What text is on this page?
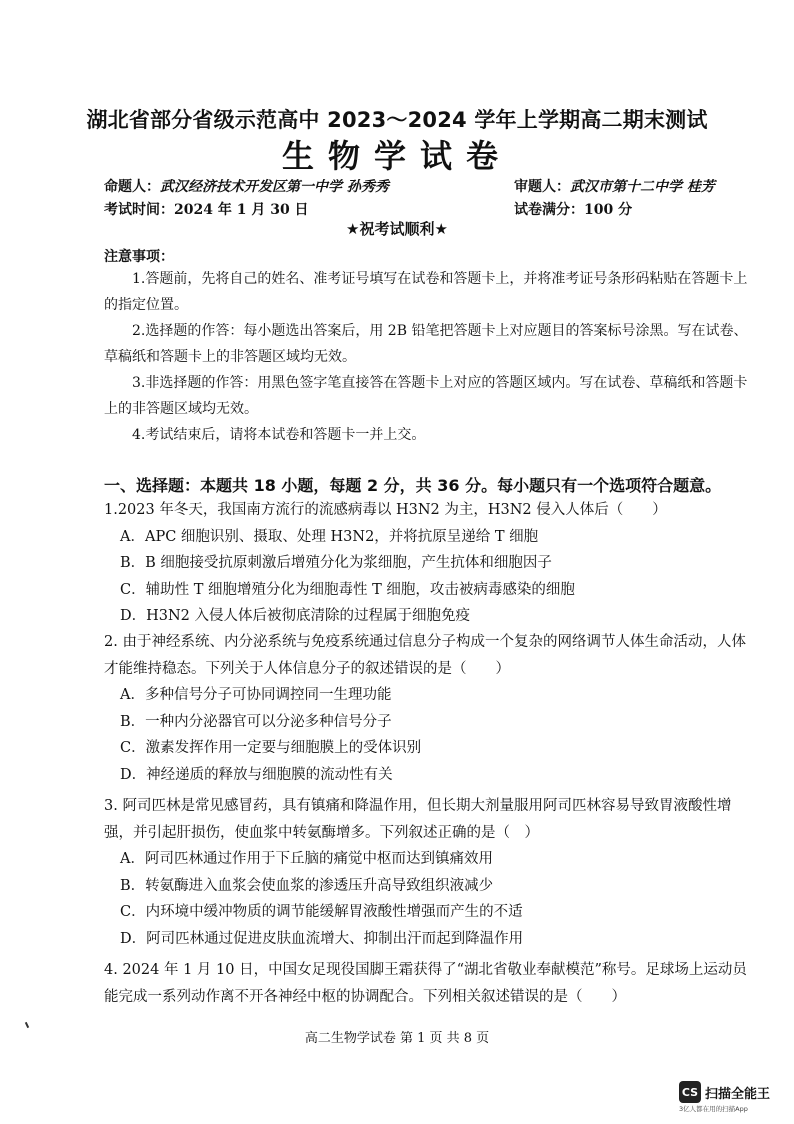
湖北省部分省级示范高中 2023～2024 学年上学期高二期末测试
生物学试卷
命题人：武汉经济技术开发区第一中学 孙秀秀	审题人：武汉市第十二中学 桂芳
考试时间：2024 年 1 月 30 日	试卷满分：100 分
★祝考试顺利★
注意事项：

1.答题前，先将自己的姓名、准考证号填写在试卷和答题卡上，并将准考证号条形码粘贴在答题卡上的指定位置。

2.选择题的作答：每小题选出答案后，用 2B 铅笔把答题卡上对应题目的答案标号涂黑。写在试卷、草稿纸和答题卡上的非答题区域均无效。

3.非选择题的作答：用黑色签字笔直接答在答题卡上对应的答题区域内。写在试卷、草稿纸和答题卡上的非答题区域均无效。

4.考试结束后，请将本试卷和答题卡一并上交。

一、选择题：本题共 18 小题，每题 2 分，共 36 分。每小题只有一个选项符合题意。

1.2023 年冬天，我国南方流行的流感病毒以 H3N2 为主，H3N2 侵入人体后（　　）

A．APC 细胞识别、摄取、处理 H3N2，并将抗原呈递给 T 细胞

B．B 细胞接受抗原刺激后增殖分化为浆细胞，产生抗体和细胞因子

C．辅助性 T 细胞增殖分化为细胞毒性 T 细胞，攻击被病毒感染的细胞

D．H3N2 入侵人体后被彻底清除的过程属于细胞免疫

2. 由于神经系统、内分泌系统与免疫系统通过信息分子构成一个复杂的网络调节人体生命活动，人体才能维持稳态。下列关于人体信息分子的叙述错误的是（　　）

A．多种信号分子可协同调控同一生理功能

B．一种内分泌器官可以分泌多种信号分子

C．激素发挥作用一定要与细胞膜上的受体识别

D．神经递质的释放与细胞膜的流动性有关

3. 阿司匹林是常见感冒药，具有镇痛和降温作用，但长期大剂量服用阿司匹林容易导致胃液酸性增强，并引起肝损伤，使血浆中转氨酶增多。下列叙述正确的是（　）

A．阿司匹林通过作用于下丘脑的痛觉中枢而达到镇痛效用

B．转氨酶进入血浆会使血浆的渗透压升高导致组织液减少

C．内环境中缓冲物质的调节能缓解胃液酸性增强而产生的不适

D．阿司匹林通过促进皮肤血流增大、抑制出汗而起到降温作用

4. 2024 年 1 月 10 日，中国女足现役国脚王霜获得了“湖北省敬业奉献模范”称号。足球场上运动员能完成一系列动作离不开各神经中枢的协调配合。下列相关叙述错误的是（　　）

高二生物学试卷 第 1 页 共 8 页
CS 扫描全能王
3亿人都在用的扫描App
